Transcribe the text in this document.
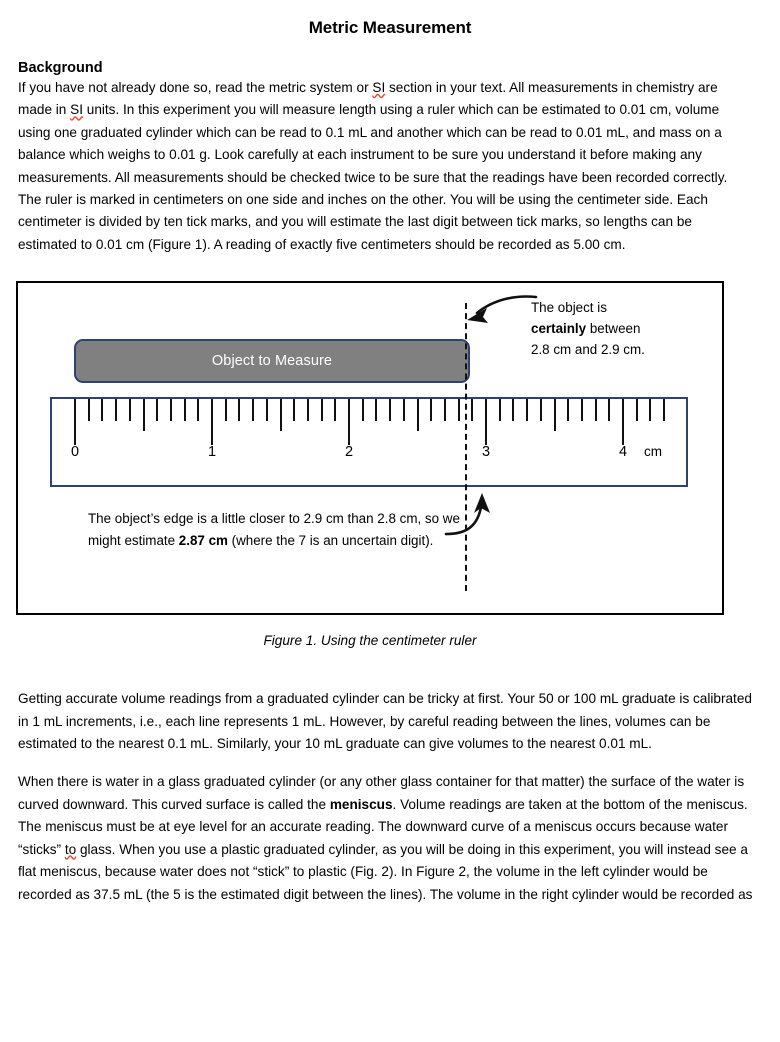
Metric Measurement
Background

If you have not already done so, read the metric system or SI section in your text. All measurements in chemistry are made in SI units. In this experiment you will measure length using a ruler which can be estimated to 0.01 cm, volume using one graduated cylinder which can be read to 0.1 mL and another which can be read to 0.01 mL, and mass on a balance which weighs to 0.01 g. Look carefully at each instrument to be sure you understand it before making any measurements. All measurements should be checked twice to be sure that the readings have been recorded correctly. The ruler is marked in centimeters on one side and inches on the other. You will be using the centimeter side. Each centimeter is divided by ten tick marks, and you will estimate the last digit between tick marks, so lengths can be estimated to 0.01 cm (Figure 1). A reading of exactly five centimeters should be recorded as 5.00 cm.

Object to Measure
0	1	2	3	4 cm
The object is
certainly between
2.8 cm and 2.9 cm.
The object’s edge is a little closer to 2.9 cm than 2.8 cm, so we might estimate 2.87 cm (where the 7 is an uncertain digit).
Figure 1. Using the centimeter ruler

Getting accurate volume readings from a graduated cylinder can be tricky at first. Your 50 or 100 mL graduate is calibrated in 1 mL increments, i.e., each line represents 1 mL. However, by careful reading between the lines, volumes can be estimated to the nearest 0.1 mL. Similarly, your 10 mL graduate can give volumes to the nearest 0.01 mL.

When there is water in a glass graduated cylinder (or any other glass container for that matter) the surface of the water is curved downward. This curved surface is called the meniscus. Volume readings are taken at the bottom of the meniscus. The meniscus must be at eye level for an accurate reading. The downward curve of a meniscus occurs because water “sticks” to glass. When you use a plastic graduated cylinder, as you will be doing in this experiment, you will instead see a flat meniscus, because water does not “stick” to plastic (Fig. 2). In Figure 2, the volume in the left cylinder would be recorded as 37.5 mL (the 5 is the estimated digit between the lines). The volume in the right cylinder would be recorded as
